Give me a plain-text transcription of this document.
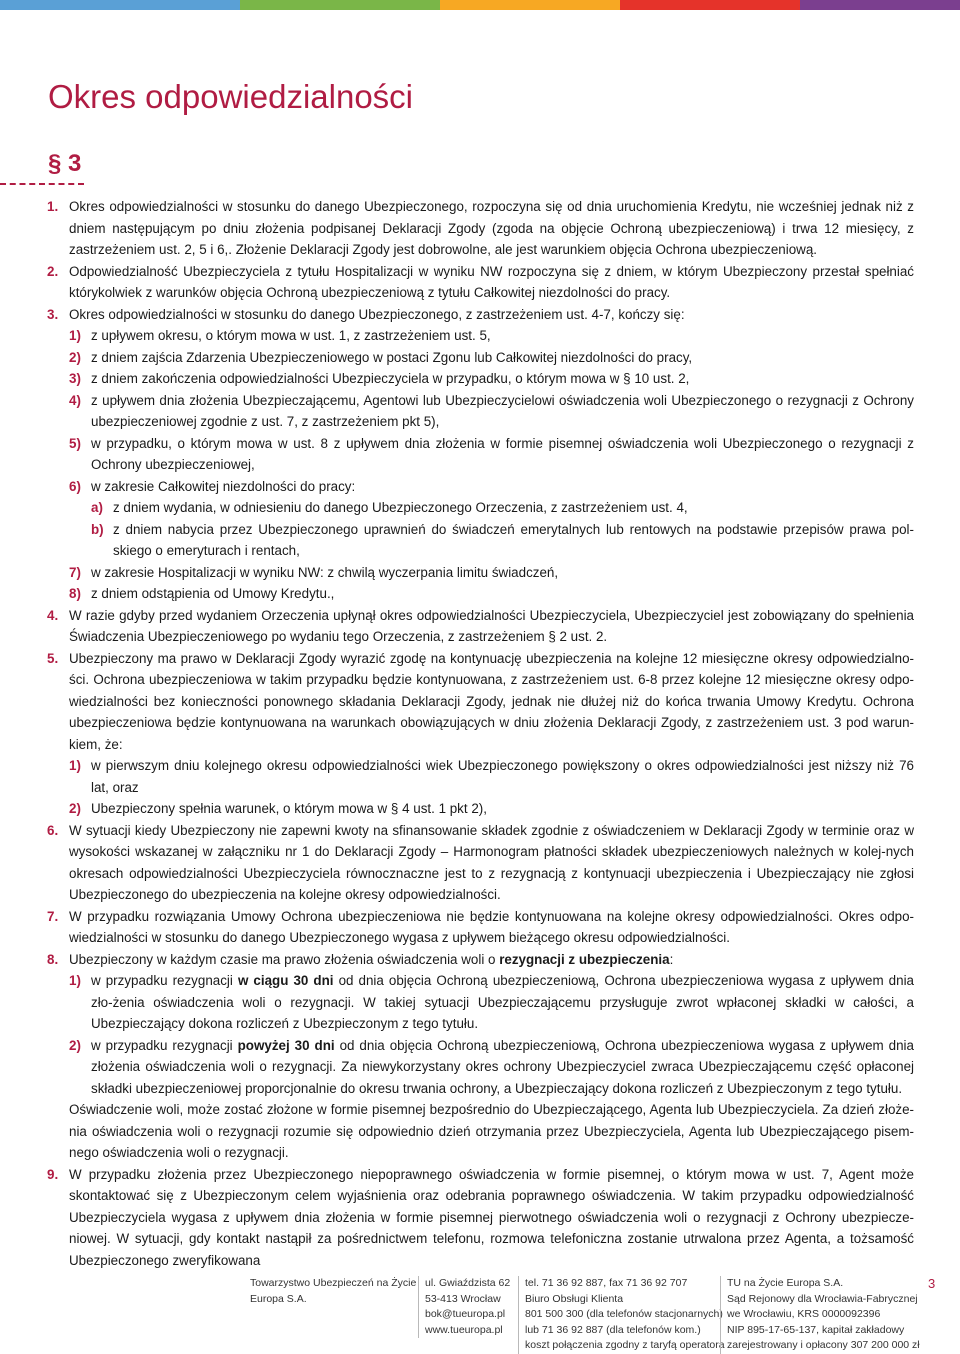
Okres odpowiedzialności
§ 3
1. Okres odpowiedzialności w stosunku do danego Ubezpieczonego, rozpoczyna się od dnia uruchomienia Kredytu, nie wcześniej jednak niż z dniem następującym po dniu złożenia podpisanej Deklaracji Zgody (zgoda na objęcie Ochroną ubezpieczeniową) i trwa 12 miesięcy, z zastrzeżeniem ust. 2, 5 i 6,. Złożenie Deklaracji Zgody jest dobrowolne, ale jest warunkiem objęcia Ochrona ubezpieczeniową.
2. Odpowiedzialność Ubezpieczyciela z tytułu Hospitalizacji w wyniku NW rozpoczyna się z dniem, w którym Ubezpieczony przestał spełniać którykolwiek z warunków objęcia Ochroną ubezpieczeniową z tytułu Całkowitej niezdolności do pracy.
3. Okres odpowiedzialności w stosunku do danego Ubezpieczonego, z zastrzeżeniem ust. 4-7, kończy się:
1) z upływem okresu, o którym mowa w ust. 1, z zastrzeżeniem ust. 5,
2) z dniem zajścia Zdarzenia Ubezpieczeniowego w postaci Zgonu lub Całkowitej niezdolności do pracy,
3) z dniem zakończenia odpowiedzialności Ubezpieczyciela w przypadku, o którym mowa w § 10 ust. 2,
4) z upływem dnia złożenia Ubezpieczającemu, Agentowi lub Ubezpieczycielowi oświadczenia woli Ubezpieczonego o rezygnacji z Ochrony ubezpieczeniowej zgodnie z ust. 7, z zastrzeżeniem pkt 5),
5) w przypadku, o którym mowa w ust. 8 z upływem dnia złożenia w formie pisemnej oświadczenia woli Ubezpieczonego o rezygnacji z Ochrony ubezpieczeniowej,
6) w zakresie Całkowitej niezdolności do pracy:
a) z dniem wydania, w odniesieniu do danego Ubezpieczonego Orzeczenia, z zastrzeżeniem ust. 4,
b) z dniem nabycia przez Ubezpieczonego uprawnień do świadczeń emerytalnych lub rentowych na podstawie przepisów prawa pol-skiego o emeryturach i rentach,
7) w zakresie Hospitalizacji w wyniku NW: z chwilą wyczerpania limitu świadczeń,
8) z dniem odstąpienia od Umowy Kredytu.,
4. W razie gdyby przed wydaniem Orzeczenia upłynął okres odpowiedzialności Ubezpieczyciela, Ubezpieczyciel jest zobowiązany do spełnienia Świadczenia Ubezpieczeniowego po wydaniu tego Orzeczenia, z zastrzeżeniem § 2 ust. 2.
5. Ubezpieczony ma prawo w Deklaracji Zgody wyrazić zgodę na kontynuację ubezpieczenia na kolejne 12 miesięczne okresy odpowiedzialno-ści. Ochrona ubezpieczeniowa w takim przypadku będzie kontynuowana, z zastrzeżeniem ust. 6-8 przez kolejne 12 miesięczne okresy odpo-wiedzialności bez konieczności ponownego składania Deklaracji Zgody, jednak nie dłużej niż do końca trwania Umowy Kredytu. Ochrona ubezpieczeniowa będzie kontynuowana na warunkach obowiązujących w dniu złożenia Deklaracji Zgody, z zastrzeżeniem ust. 3 pod warun-kiem, że:
1) w pierwszym dniu kolejnego okresu odpowiedzialności wiek Ubezpieczonego powiększony o okres odpowiedzialności jest niższy niż 76 lat, oraz
2) Ubezpieczony spełnia warunek, o którym mowa w § 4 ust. 1 pkt 2),
6. W sytuacji kiedy Ubezpieczony nie zapewni kwoty na sfinansowanie składek zgodnie z oświadczeniem w Deklaracji Zgody w terminie oraz w wysokości wskazanej w załączniku nr 1 do Deklaracji Zgody – Harmonogram płatności składek ubezpieczeniowych należnych w kolej-nych okresach odpowiedzialności Ubezpieczyciela równocznaczne jest to z rezygnacją z kontynuacji ubezpieczenia i Ubezpieczający nie zgłosi Ubezpieczonego do ubezpieczenia na kolejne okresy odpowiedzialności.
7. W przypadku rozwiązania Umowy Ochrona ubezpieczeniowa nie będzie kontynuowana na kolejne okresy odpowiedzialności. Okres odpo-wiedzialności w stosunku do danego Ubezpieczonego wygasa z upływem bieżącego okresu odpowiedzialności.
8. Ubezpieczony w każdym czasie ma prawo złożenia oświadczenia woli o rezygnacji z ubezpieczenia:
1) w przypadku rezygnacji w ciągu 30 dni od dnia objęcia Ochroną ubezpieczeniową, Ochrona ubezpieczeniowa wygasa z upływem dnia zło-żenia oświadczenia woli o rezygnacji. W takiej sytuacji Ubezpieczającemu przysługuje zwrot wpłaconej składki w całości, a Ubezpieczający dokona rozliczeń z Ubezpieczonym z tego tytułu.
2) w przypadku rezygnacji powyżej 30 dni od dnia objęcia Ochroną ubezpieczeniową, Ochrona ubezpieczeniowa wygasa z upływem dnia złożenia oświadczenia woli o rezygnacji. Za niewykorzystany okres ochrony Ubezpieczyciel zwraca Ubezpieczającemu część opłaconej składki ubezpieczeniowej proporcjonalnie do okresu trwania ochrony, a Ubezpieczający dokona rozliczeń z Ubezpieczonym z tego tytułu.
Oświadczenie woli, może zostać złożone w formie pisemnej bezpośrednio do Ubezpieczającego, Agenta lub Ubezpieczyciela. Za dzień złoże-nia oświadczenia woli o rezygnacji rozumie się odpowiednio dzień otrzymania przez Ubezpieczyciela, Agenta lub Ubezpieczającego pisem-nego oświadczenia woli o rezygnacji.
9. W przypadku złożenia przez Ubezpieczonego niepoprawnego oświadczenia w formie pisemnej, o którym mowa w ust. 7, Agent może skontaktować się z Ubezpieczonym celem wyjaśnienia oraz odebrania poprawnego oświadczenia. W takim przypadku odpowiedzialność Ubezpieczyciela wygasa z upływem dnia złożenia w formie pisemnej pierwotnego oświadczenia woli o rezygnacji z Ochrony ubezpiecze-niowej. W sytuacji, gdy kontakt nastąpił za pośrednictwem telefonu, rozmowa telefoniczna zostanie utrwalona przez Agenta, a tożsamość Ubezpieczonego zweryfikowana
Towarzystwo Ubezpieczeń na Życie
Europa S.A.
ul. Gwiaździsta 62
53-413 Wrocław
bok@tueuropa.pl
www.tueuropa.pl
tel. 71 36 92 887, fax 71 36 92 707
Biuro Obsługi Klienta
801 500 300 (dla telefonów stacjonarnych)
lub 71 36 92 887 (dla telefonów kom.)
koszt połączenia zgodny z taryfą operatora
TU na Życie Europa S.A.
Sąd Rejonowy dla Wrocławia-Fabrycznej
we Wrocławiu, KRS 0000092396
NIP 895-17-65-137, kapitał zakładowy
zarejestrowany i opłacony 307 200 000 zł
3
